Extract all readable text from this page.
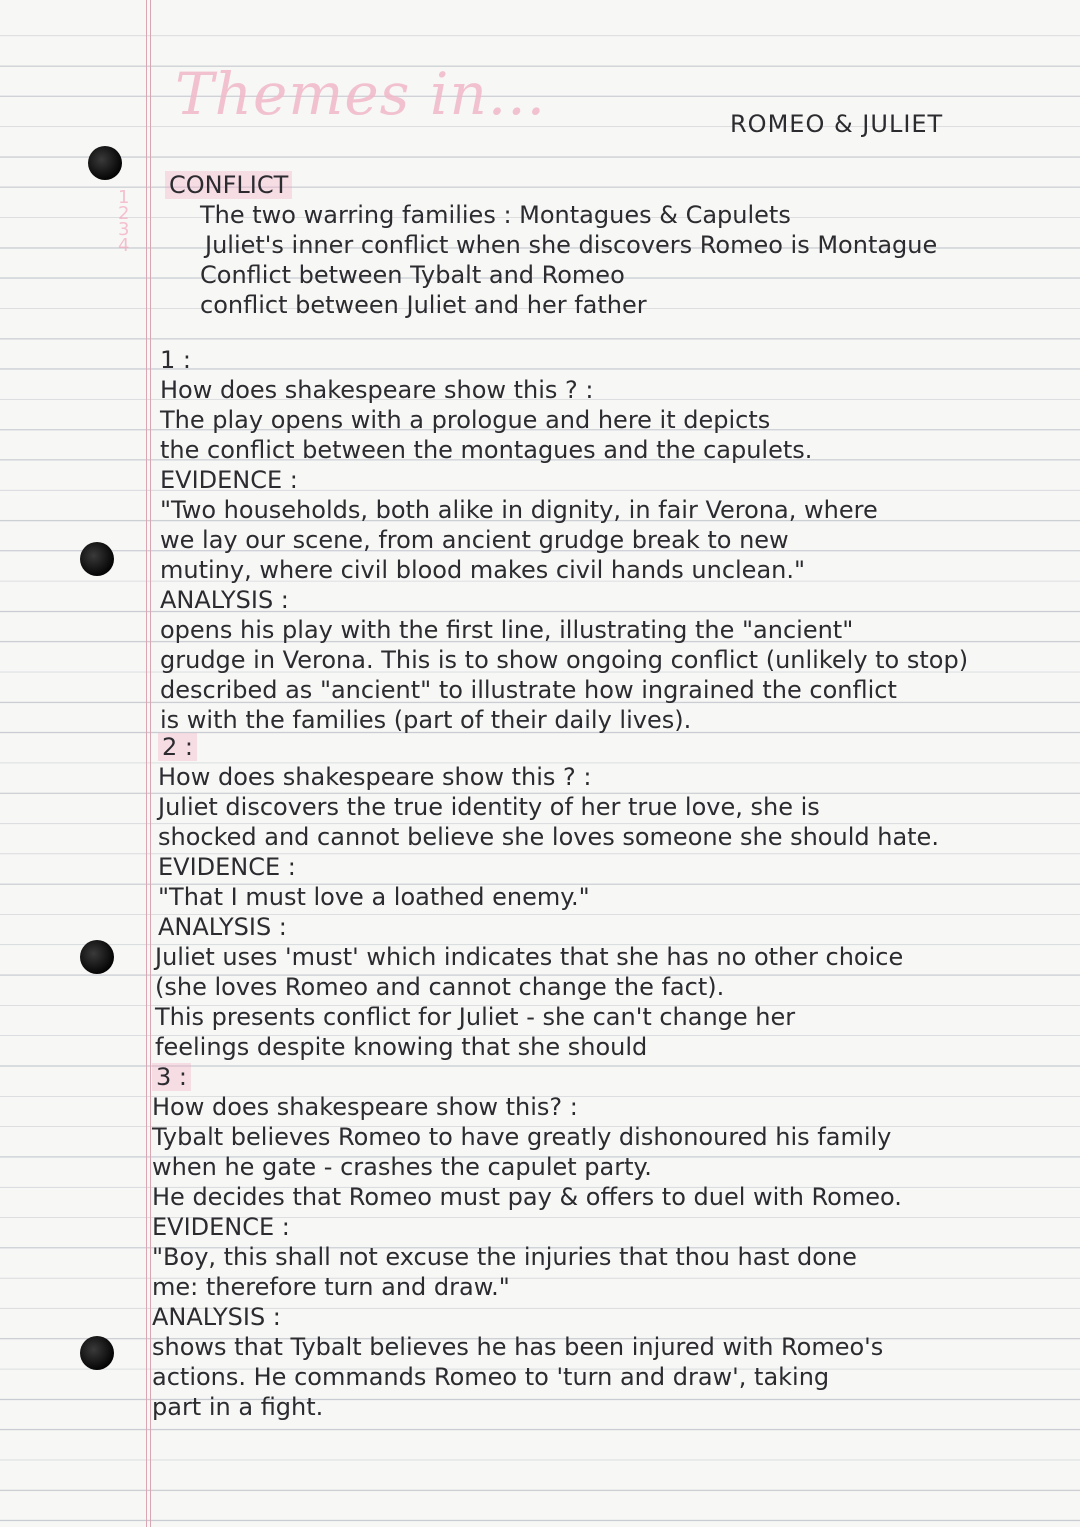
1
2
3
4
Themes in...	ROMEO & JULIET
CONFLICT
The two warring families : Montagues & Capulets
Juliet's inner conflict when she discovers Romeo is Montague
Conflict between Tybalt and Romeo
conflict between Juliet and her father
1 :
How does shakespeare show this ? :
The play opens with a prologue and here it depicts
the conflict between the montagues and the capulets.
EVIDENCE :
"Two households, both alike in dignity, in fair Verona, where
we lay our scene, from ancient grudge break to new
mutiny, where civil blood makes civil hands unclean."
ANALYSIS :
opens his play with the first line, illustrating the "ancient"
grudge in Verona. This is to show ongoing conflict (unlikely to stop)
described as "ancient" to illustrate how ingrained the conflict
is with the families (part of their daily lives).
2 :
How does shakespeare show this ? :
Juliet discovers the true identity of her true love, she is
shocked and cannot believe she loves someone she should hate.
EVIDENCE :
"That I must love a loathed enemy."
ANALYSIS :
Juliet uses 'must' which indicates that she has no other choice
(she loves Romeo and cannot change the fact).
This presents conflict for Juliet - she can't change her
feelings despite knowing that she should
3 :
How does shakespeare show this? :
Tybalt believes Romeo to have greatly dishonoured his family
when he gate - crashes the capulet party.
He decides that Romeo must pay & offers to duel with Romeo.
EVIDENCE :
"Boy, this shall not excuse the injuries that thou hast done
me: therefore turn and draw."
ANALYSIS :
shows that Tybalt believes he has been injured with Romeo's
actions. He commands Romeo to 'turn and draw', taking
part in a fight.
